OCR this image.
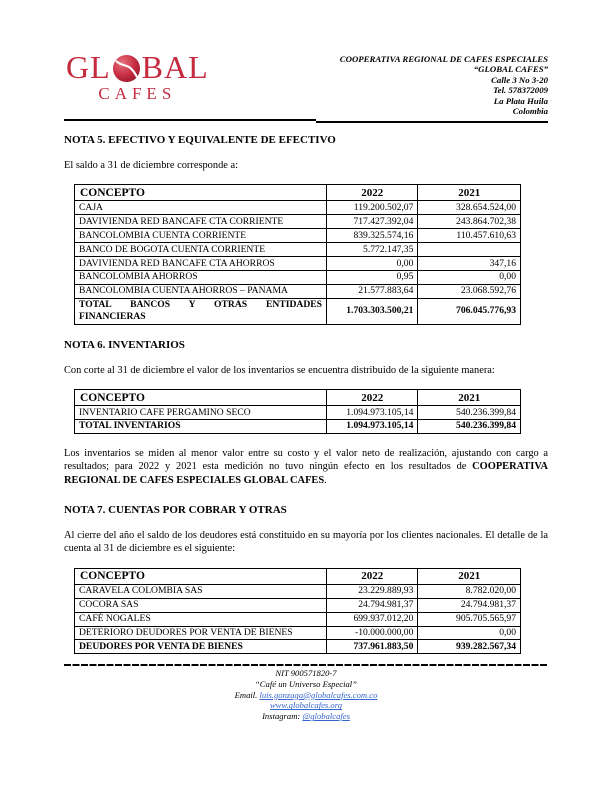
GL BAL
CAFES
COOPERATIVA REGIONAL DE CAFES ESPECIALES
“GLOBAL CAFES”
Calle 3 No 3-20
Tel. 578372009
La Plata Huila
Colombia
NOTA 5. EFECTIVO Y EQUIVALENTE DE EFECTIVO

El saldo a 31 de diciembre corresponde a:

CONCEPTO	2022	2021
CAJA	119.200.502,07	328.654.524,00
DAVIVIENDA RED BANCAFE CTA CORRIENTE	717.427.392,04	243.864.702,38
BANCOLOMBIA CUENTA CORRIENTE	839.325.574,16	110.457.610,63
BANCO DE BOGOTA CUENTA CORRIENTE	5.772.147,35	
DAVIVIENDA RED BANCAFE CTA AHORROS	0,00	347,16
BANCOLOMBIA AHORROS	0,95	0,00
BANCOLOMBIA CUENTA AHORROS – PANAMA	21.577.883,64	23.068.592,76
TOTAL BANCOS Y OTRAS ENTIDADES FINANCIERAS	1.703.303.500,21	706.045.776,93
NOTA 6. INVENTARIOS

Con corte al 31 de diciembre el valor de los inventarios se encuentra distribuido de la siguiente manera:

CONCEPTO	2022	2021
INVENTARIO CAFE PERGAMINO SECO	1.094.973.105,14	540.236.399,84
TOTAL INVENTARIOS	1.094.973.105,14	540.236.399,84

Los inventarios se miden al menor valor entre su costo y el valor neto de realización, ajustando con cargo a resultados; para 2022 y 2021 esta medición no tuvo ningún efecto en los resultados de COOPERATIVA REGIONAL DE CAFES ESPECIALES GLOBAL CAFES.

NOTA 7. CUENTAS POR COBRAR Y OTRAS

Al cierre del año el saldo de los deudores está constituido en su mayoría por los clientes nacionales. El detalle de la cuenta al 31 de diciembre es el siguiente:

CONCEPTO	2022	2021
CARAVELA COLOMBIA SAS	23.229.889,93	8.782.020,00
COCORA SAS	24.794.981,37	24.794.981,37
CAFÉ NOGALES	699.937.012,20	905.705.565,97
DETERIORO DEUDORES POR VENTA DE BIENES	-10.000.000,00	0,00
DEUDORES POR VENTA DE BIENES	737.961.883,50	939.282.567,34
NIT 900571820-7
“Café un Universo Especial”
Email. luis.gonzaga@globalcafes.com.co
www.globalcafes.org
Instagram: @globalcafes
